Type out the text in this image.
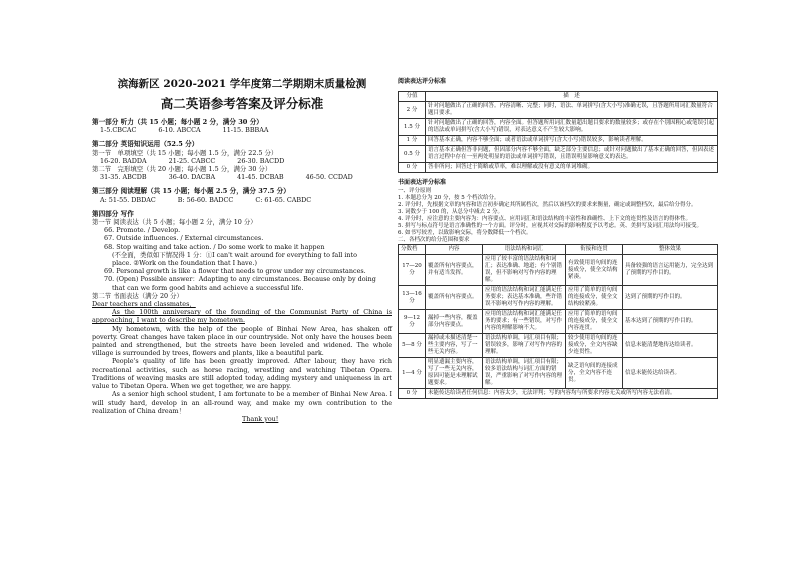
滨海新区 2020-2021 学年度第二学期期末质量检测
高二英语参考答案及评分标准
第一部分 听力（共 15 小题；每小题 2 分，满分 30 分）
1-5.CBCAC	6-10. ABCCA	11-15. BBBAA
第二部分 英语知识运用（52.5 分）
第一节　单项填空（共 15 小题；每小题 1.5 分，满分 22.5 分）
16-20. BADDA	21-25. CABCC	26-30. BACDD
第二节　完形填空（共 20 小题；每小题 1.5 分，满分 30 分）
31-35. ABCDB	36-40. DACBA	41-45. DCBAB	46-50. CCDAD
第三部分 阅读理解（共 15 小题；每小题 2.5 分，满分 37.5 分）
A: 51-55. DBDAC	B: 56-60. BADCC	C: 61-65. CABDC
第四部分 写作
第一节 阅读表达（共 5 小题；每小题 2 分，满分 10 分）
66. Promote. / Develop.
67. Outside influences. / External circumstances.
68. Stop waiting and take action. / Do some work to make it happen
(不全面，类似如下情况得 1 分：①I can't wait around for everything to fall into
place. ②Work on the foundation that I have.)
69. Personal growth is like a flower that needs to grow under my circumstances.
70. (Open) Possible answer：Adapting to any circumstances. Because only by doing
that can we form good habits and achieve a successful life.
第二节 书面表达（满分 20 分）
Dear teachers and classmates，
As the 100th anniversary of the founding of the Communist Party of China is approaching, I want to describe my hometown.
My hometown, with the help of the people of Binhai New Area, has shaken off poverty. Great changes have taken place in our countryside. Not only have the houses been painted and strengthened, but the streets have been leveled and widened. The whole village is surrounded by trees, flowers and plants, like a beautiful park.
People's quality of life has been greatly improved. After labour, they have rich recreational activities, such as horse racing, wrestling and watching Tibetan Opera. Traditions of weaving masks are still adopted today, adding mystery and uniqueness in art value to Tibetan Opera. When we get together, we are happy.
As a senior high school student, I am fortunate to be a member of Binhai New Area. I will study hard, develop in an all-round way, and make my own contribution to the realization of China dream！
Thank you!
阅读表达评分标准
分值	描　述
2 分	针对问题做出了正确的回答。内容清晰、完整；同时，语法、单词拼写(含大小写)准确无误，且答题所用词汇数量符合题目要求。
1.5 分	针对问题做出了正确的回答，内容全面。但答题所用词汇数量超出题目要求的数量较多；或存在个别因粗心或笔误引起的语法或单词拼写(含大小写)错误，对表达意义不产生较大影响。
1 分	回答基本正确，内容不够全面；或者语法或单词拼写(含大小写)错误较多，影响读者理解。
0.5 分	语言基本正确但答非问题，但因部分内容不够全面，缺乏部分主要信息；或针对问题做出了基本正确的回答，但因表述语言过程中存在一至两处明显的语法或单词拼写错误，且错误明显影响意义的表达。
0 分	答非所问；回答过于简略或草率，难以理解或没有意义的单词堆砌。
书面表达评分标准
一、评分原则
1. 本题总分为 20 分，按 5 个档次给分。
2. 评分时，先根据文章的内容和语言初步确定其所属档次，然后以该档次的要求来衡量，确定或调整档次，最后给分得分。
3. 词数少于 100 的，从总分中减去 2 分。
4. 评分时，应注意的主要内容为：内容要点、应用词汇和语法结构的丰富性和准确性、上下文的连贯性及语言的得体性。
5. 拼写与标点符号是语言准确性的一个方面。评分时，应视其对交际的影响程度予以考虑。英、美拼写及词汇用法均可接受。
6. 如书写较差，以致影响交际，将分数降低一个档次。
二、各档次的给分范围和要求
分数档	内容	语法结构和词汇	衔接和连贯	整体效果
17—20 分	覆盖所有内容要点，并有适当发挥。	应用了较丰富的语法结构和词汇；表达准确、地道；有个别错误，但不影响对写作内容的理解。	有效使用语句间的连接成分，使全文结构紧凑。	具备较强的语言运用能力，完全达到了预期的写作目的。
13—16 分	覆盖所有内容要点。	应用的语法结构和词汇能满足任务要求；表达基本准确，些许错误不影响对写作内容的理解。	应用了简单的语句间的连接成分，使全文结构较紧凑。	达到了预期的写作目的。
9—12 分	漏掉一些内容，覆盖部分内容要点。	应用的语法结构和词汇能满足任务的要求；有一些错误，对写作内容的理解影响不大。	应用了简单的语句间的连接成分，使全文内容连贯。	基本达到了预期的写作目的。
5—8 分	漏掉或未描述清楚一些主要内容，写了一些无关内容。	语法结构单调，词汇项目有限；错误较多，影响了对写作内容的理解。	较少使用语句间的连接成分，全文内容缺少连贯性。	信息未能清楚地传达给读者。
1—4 分	明显遗漏主要内容，写了一些无关内容，原因可能是未理解试题要求。	语法结构单调，词汇项目有限；较多语法结构与词汇方面的错误，严重影响了对写作内容的理解。	缺乏语句间的连接成分，全文内容不连贯。	信息未能传达给读者。
0 分	未能传达给读者任何信息：内容太少，无法评判；写的内容均与所要求内容无关或所写内容无法看清。			
